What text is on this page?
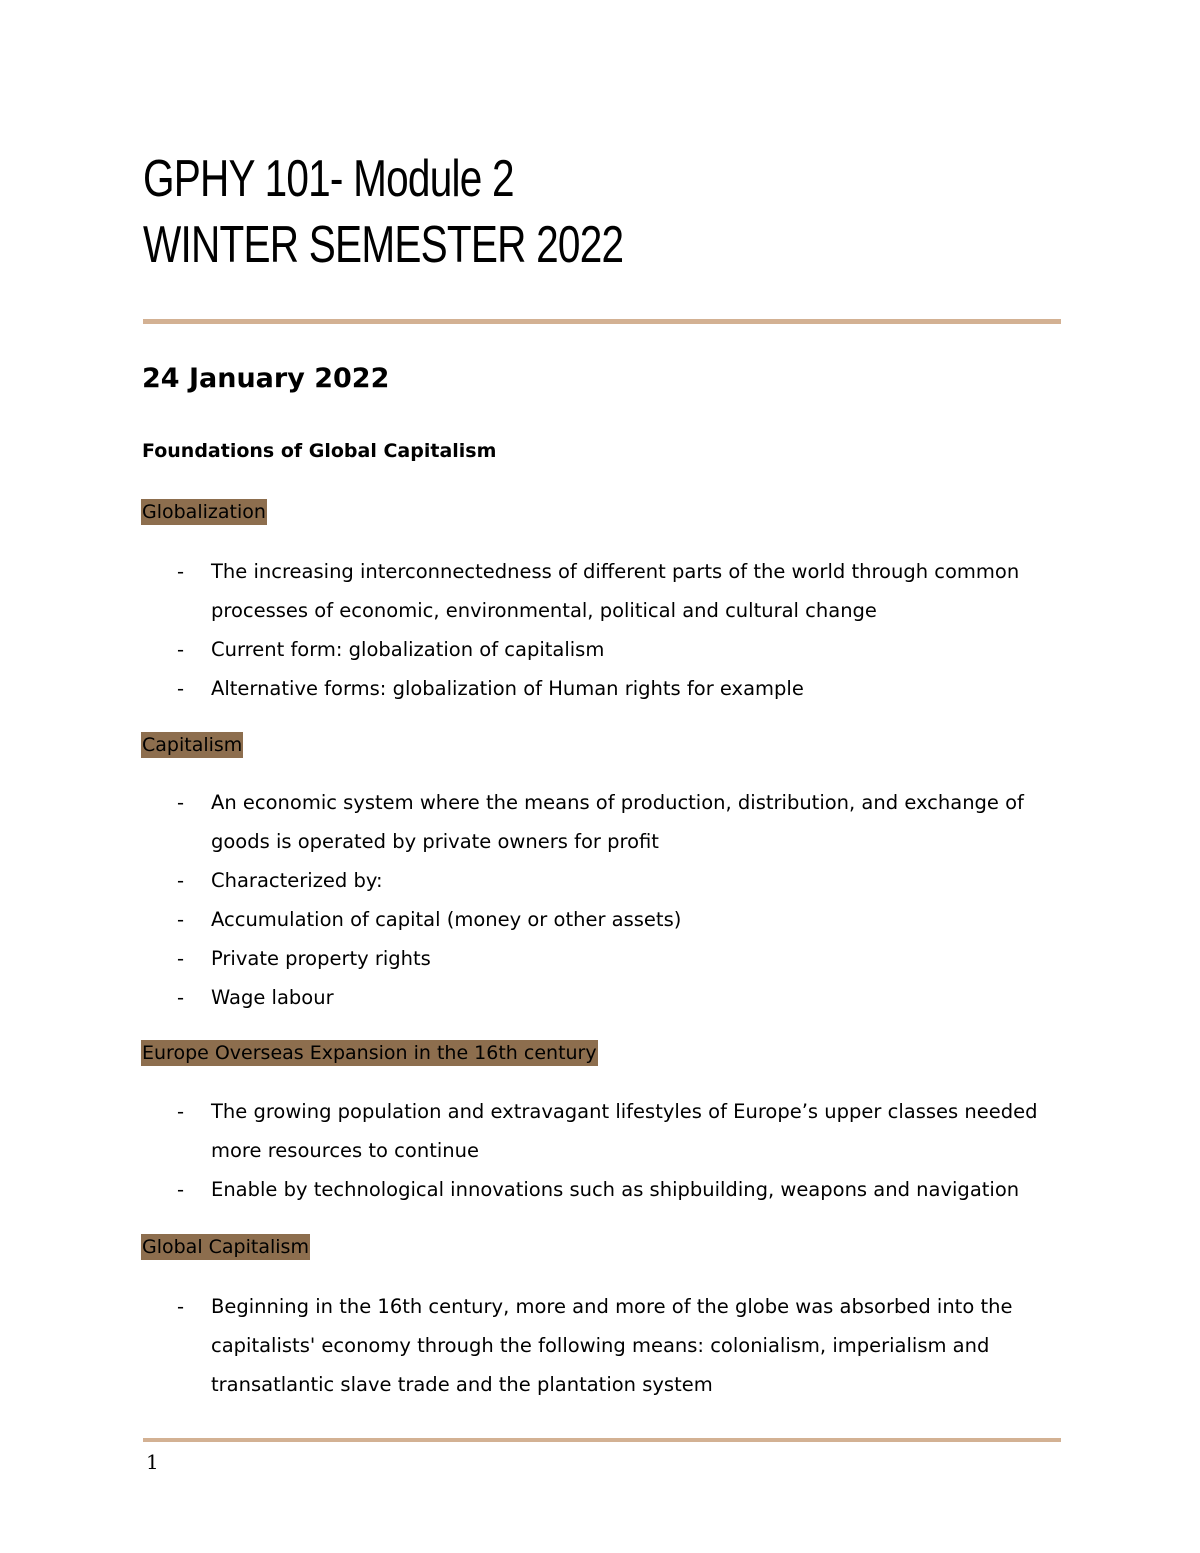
GPHY 101- Module 2
WINTER SEMESTER 2022
24 January 2022
Foundations of Global Capitalism
Globalization
- The increasing interconnectedness of different parts of the world through common processes of economic, environmental, political and cultural change
- Current form: globalization of capitalism
- Alternative forms: globalization of Human rights for example
Capitalism
- An economic system where the means of production, distribution, and exchange of goods is operated by private owners for profit
- Characterized by:
- Accumulation of capital (money or other assets)
- Private property rights
- Wage labour
Europe Overseas Expansion in the 16th century
- The growing population and extravagant lifestyles of Europe’s upper classes needed more resources to continue
- Enable by technological innovations such as shipbuilding, weapons and navigation
Global Capitalism
- Beginning in the 16th century, more and more of the globe was absorbed into the capitalists' economy through the following means: colonialism, imperialism and transatlantic slave trade and the plantation system
1
